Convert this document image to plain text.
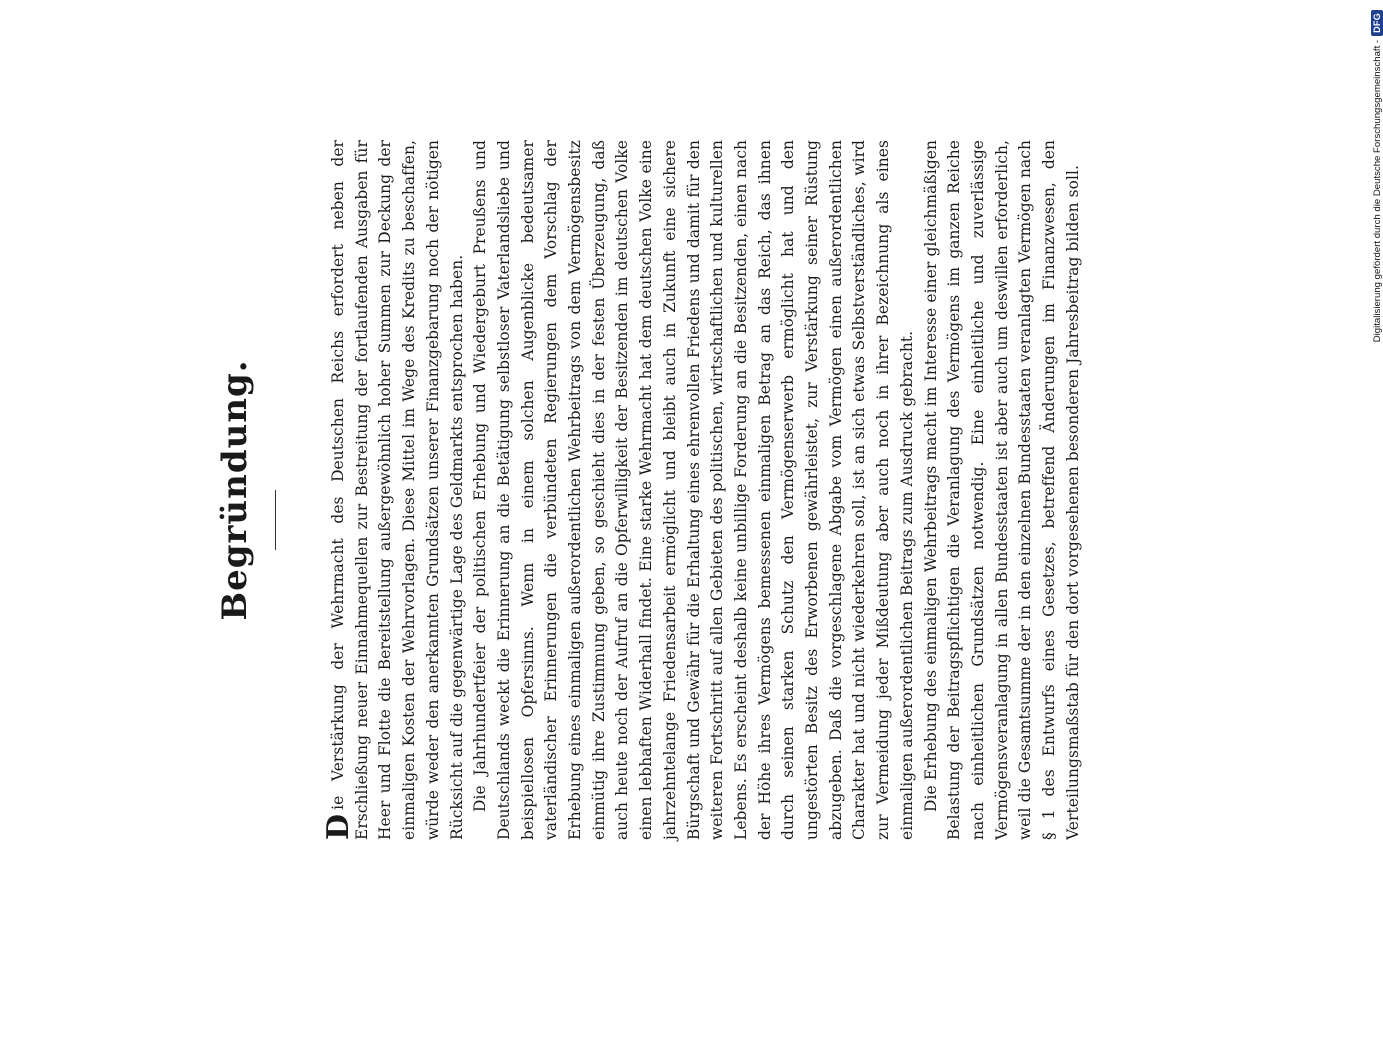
Begründung.

D
ie Verstärkung der Wehrmacht des Deutschen Reichs erfordert neben der Erschließung neuer Einnahmequellen zur Bestreitung der fortlaufenden Ausgaben für Heer und Flotte die Bereitstellung außergewöhnlich hoher Summen zur Deckung der einmaligen Kosten der Wehrvorlagen. Diese Mittel im Wege des Kredits zu beschaffen, würde weder den anerkannten Grundsätzen unserer Finanzgebarung noch der nötigen Rücksicht auf die gegenwärtige Lage des Geldmarkts entsprochen haben. Die Jahrhundertfeier der politischen Erhebung und Wiedergeburt Preußens und Deutschlands weckt die Erinnerung an die Betätigung selbstloser Vaterlandsliebe und beispiellosen Opfersinns. Wenn in einem solchen Augenblicke bedeutsamer vaterländischer Erinnerungen die verbündeten Regierungen dem Vorschlag der Erhebung eines einmaligen außerordentlichen Wehrbeitrags von dem Vermögensbesitz einmütig ihre Zustimmung geben, so geschieht dies in der festen Überzeugung, daß auch heute noch der Aufruf an die Opferwilligkeit der Besitzenden im deutschen Volke einen lebhaften Widerhall findet. Eine starke Wehrmacht hat dem deutschen Volke eine jahrzehntelange Friedensarbeit ermöglicht und bleibt auch in Zukunft eine sichere Bürgschaft und Gewähr für die Erhaltung eines ehrenvollen Friedens und damit für den weiteren Fortschritt auf allen Gebieten des politischen, wirtschaftlichen und kulturellen Lebens. Es erscheint deshalb keine unbillige Forderung an die Besitzenden, einen nach der Höhe ihres Vermögens bemessenen einmaligen Betrag an das Reich, das ihnen durch seinen starken Schutz den Vermögenserwerb ermöglicht hat und den ungestörten Besitz des Erworbenen gewährleistet, zur Verstärkung seiner Rüstung abzugeben. Daß die vorgeschlagene Abgabe vom Vermögen einen außerordentlichen Charakter hat und nicht wiederkehren soll, ist an sich etwas Selbstverständliches, wird zur Vermeidung jeder Mißdeutung aber auch noch in ihrer Bezeichnung als eines einmaligen außerordentlichen Beitrags zum Ausdruck gebracht. Die Erhebung des einmaligen Wehrbeitrags macht im Interesse einer gleichmäßigen Belastung der Beitragspflichtigen die Veranlagung des Vermögens im ganzen Reiche nach einheitlichen Grundsätzen notwendig. Eine einheitliche und zuverlässige Vermögensveranlagung in allen Bundesstaaten ist aber auch um deswillen erforderlich, weil die Gesamtsumme der in den einzelnen Bundesstaaten veranlagten Vermögen nach § 1 des Entwurfs eines Gesetzes, betreffend Änderungen im Finanzwesen, den Verteilungsmaßstab für den dort vorgesehenen besonderen Jahresbeitrag bilden soll.	Digitalisierung gefördert durch die Deutsche Forschungsgemeinschaft -
DFG
